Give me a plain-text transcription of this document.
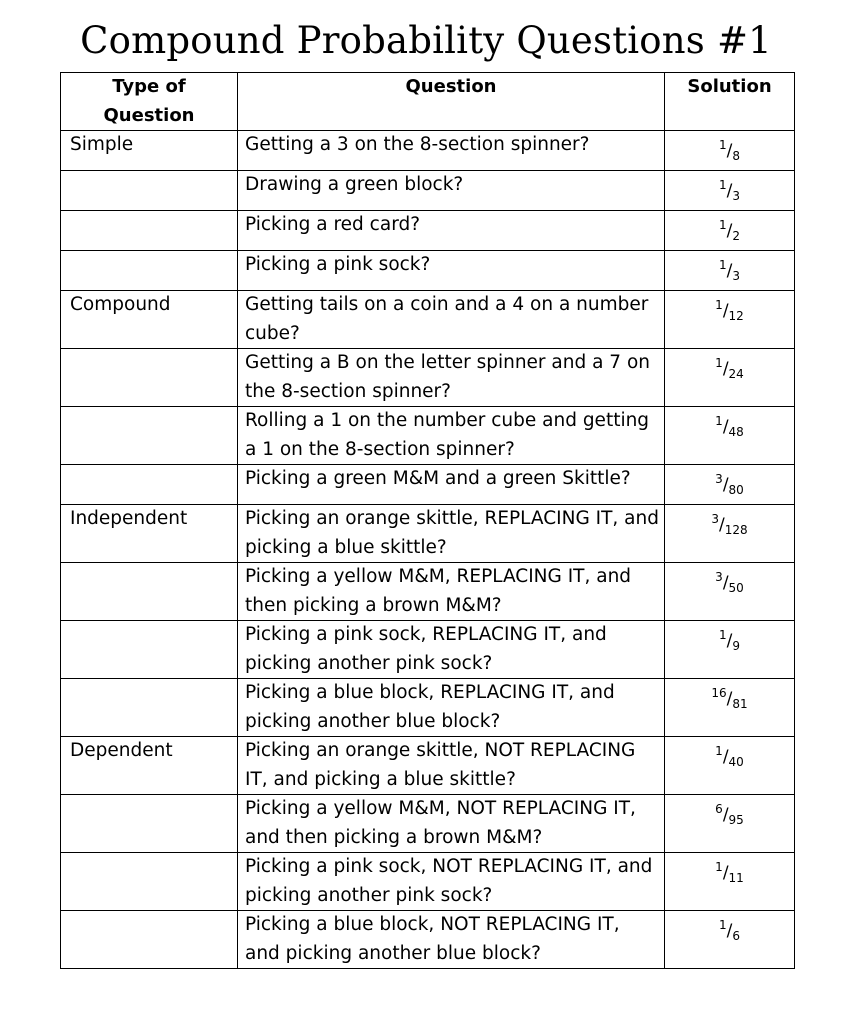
Compound Probability Questions #1
Type of Question	Question	Solution
Simple	Getting a 3 on the 8-section spinner?	$^1/_8$
	Drawing a green block?	$^1/_3$
	Picking a red card?	$^1/_2$
	Picking a pink sock?	$^1/_3$
Compound	Getting tails on a coin and a 4 on a number cube?	$^1/_{12}$
	Getting a B on the letter spinner and a 7 on the 8-section spinner?	$^1/_{24}$
	Rolling a 1 on the number cube and getting a 1 on the 8-section spinner?	$^1/_{48}$
	Picking a green M&M and a green Skittle?	$^3/_{80}$
Independent	Picking an orange skittle, REPLACING IT, and picking a blue skittle?	$^3/_{128}$
	Picking a yellow M&M, REPLACING IT, and then picking a brown M&M?	$^3/_{50}$
	Picking a pink sock, REPLACING IT, and picking another pink sock?	$^1/_9$
	Picking a blue block, REPLACING IT, and picking another blue block?	$^{16}/_{81}$
Dependent	Picking an orange skittle, NOT REPLACING IT, and picking a blue skittle?	$^1/_{40}$
	Picking a yellow M&M, NOT REPLACING IT, and then picking a brown M&M?	$^6/_{95}$
	Picking a pink sock, NOT REPLACING IT, and picking another pink sock?	$^1/_{11}$
	Picking a blue block, NOT REPLACING IT, and picking another blue block?	$^1/_6$
